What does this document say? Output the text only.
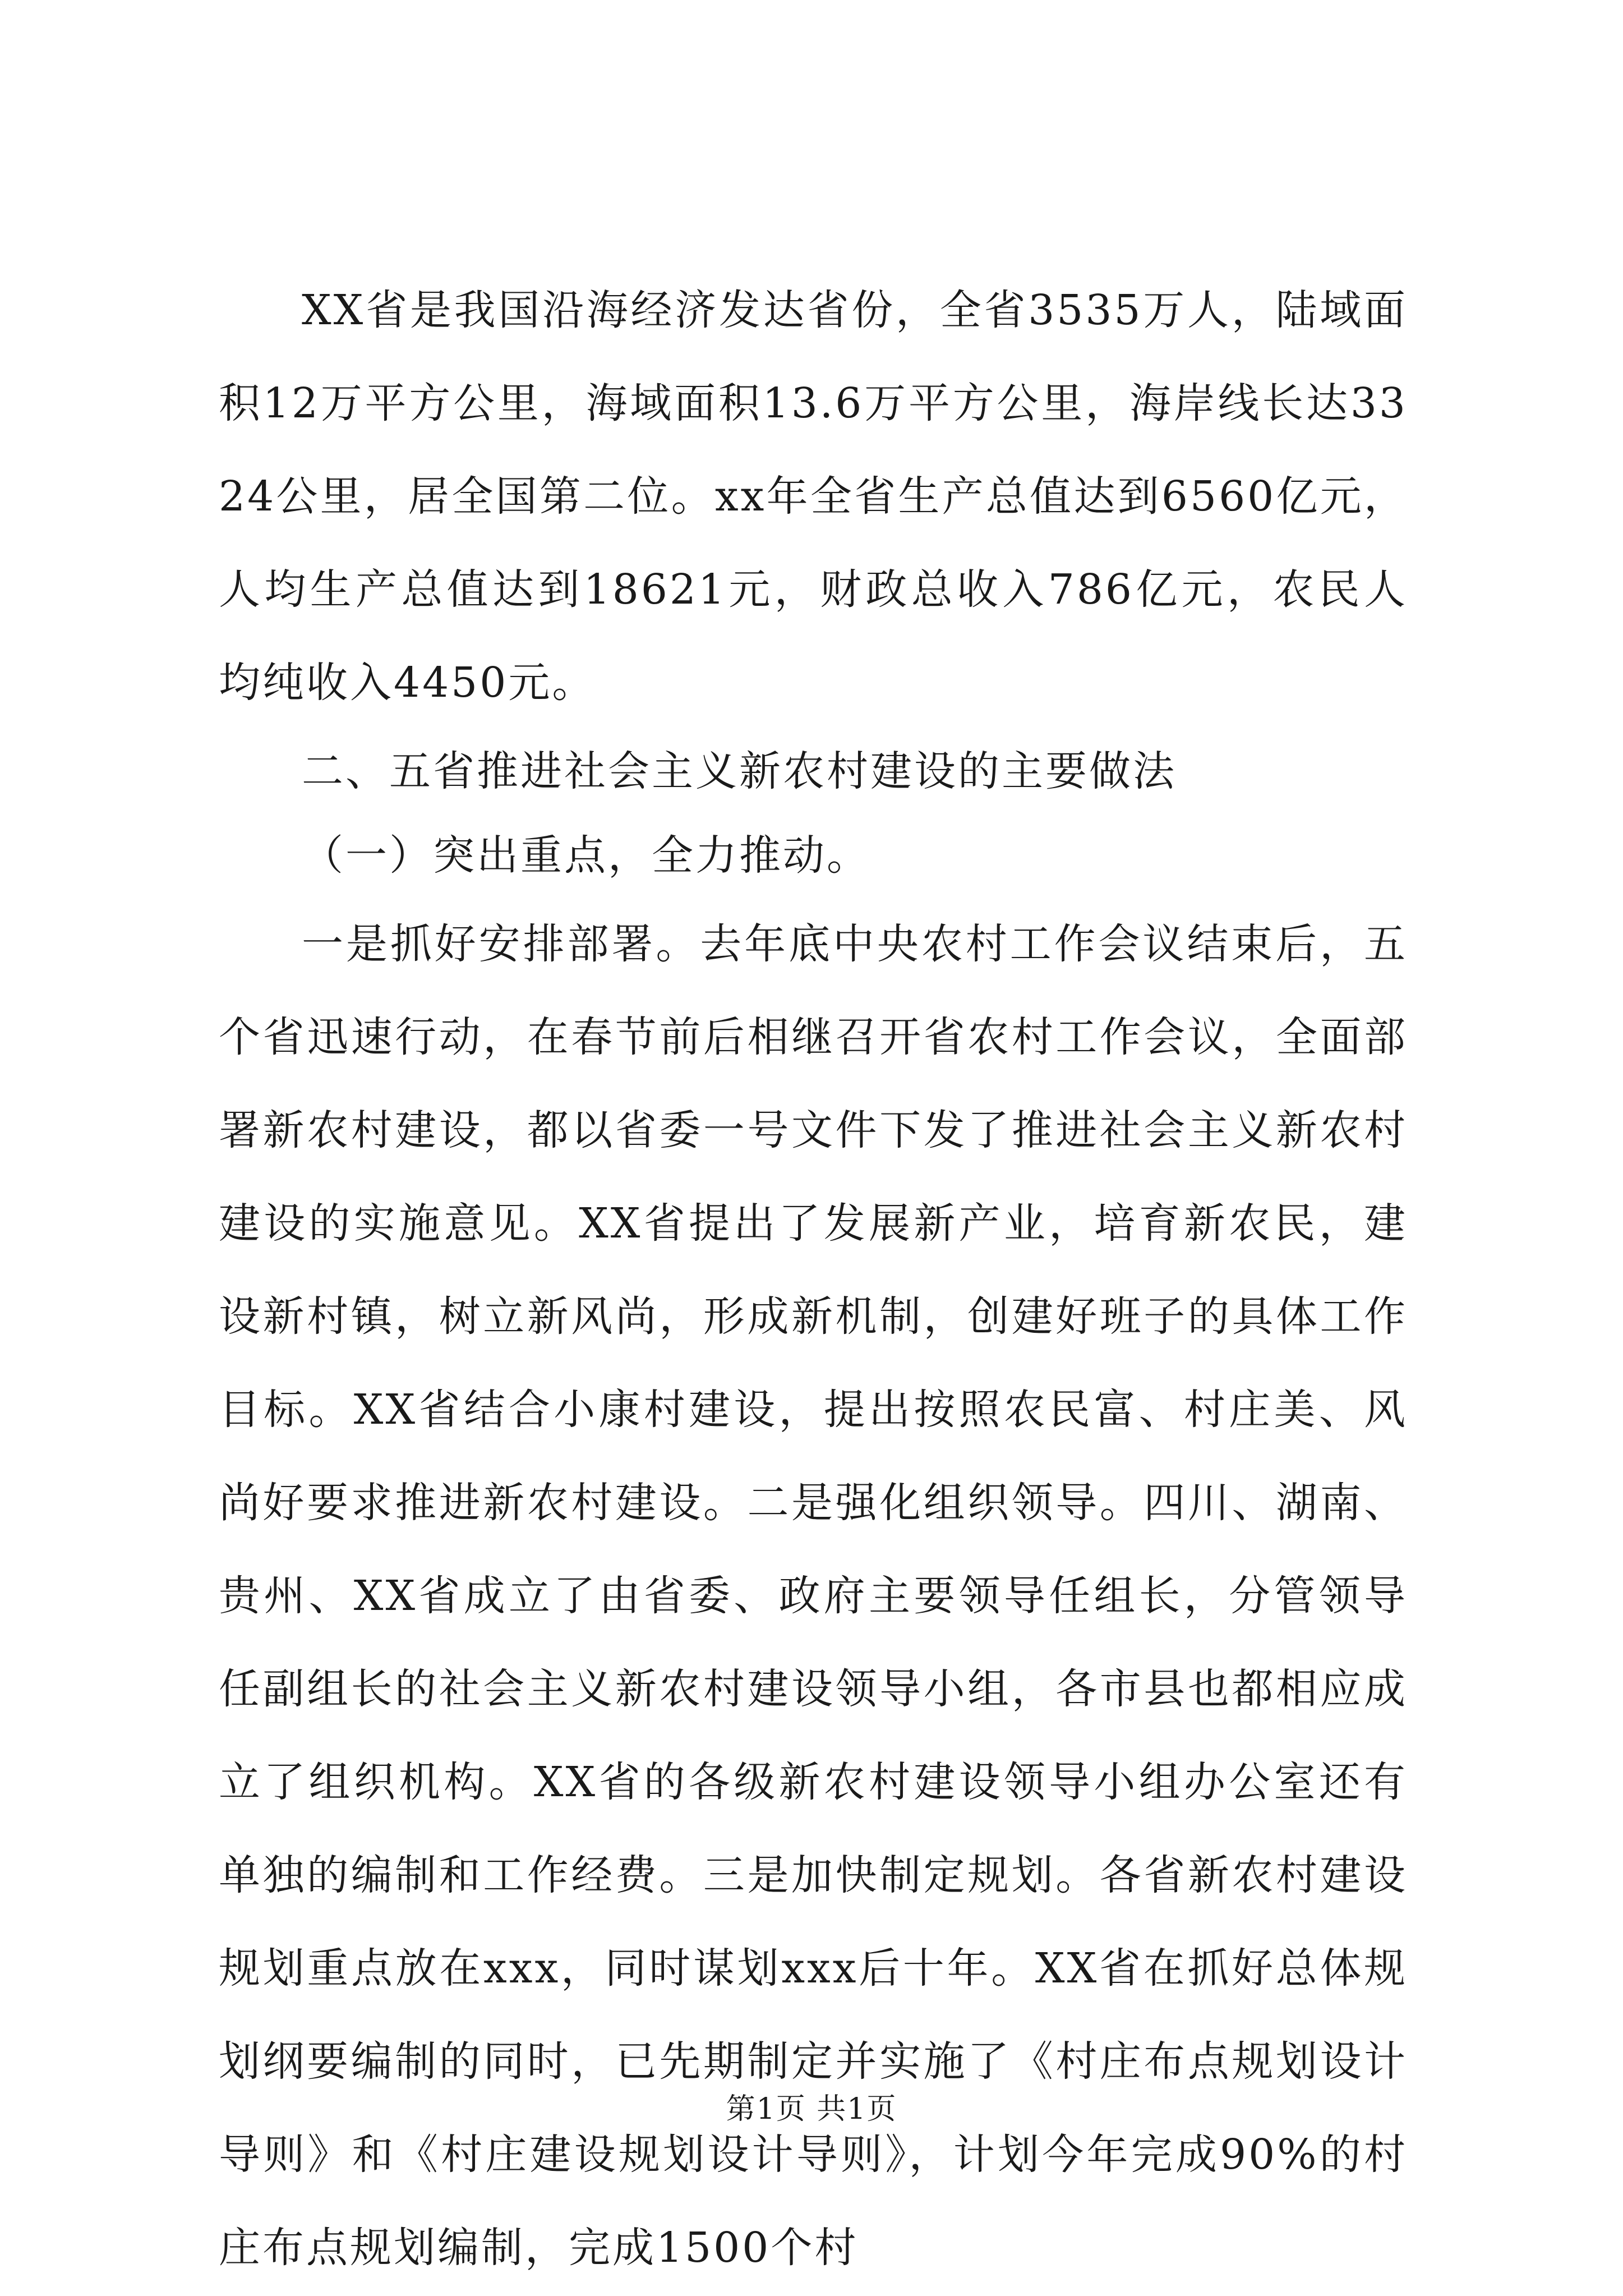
XX省是我国沿海经济发达省份，全省3535万人，陆域面积12万平方公里，海域面积13.6万平方公里，海岸线长达3324公里，居全国第二位。xx年全省生产总值达到6560亿元，人均生产总值达到18621元，财政总收入786亿元，农民人均纯收入4450元。

二、五省推进社会主义新农村建设的主要做法

（一）突出重点，全力推动。

一是抓好安排部署。去年底中央农村工作会议结束后，五个省迅速行动，在春节前后相继召开省农村工作会议，全面部署新农村建设，都以省委一号文件下发了推进社会主义新农村建设的实施意见。XX省提出了发展新产业，培育新农民，建设新村镇，树立新风尚，形成新机制，创建好班子的具体工作目标。XX省结合小康村建设，提出按照农民富、村庄美、风尚好要求推进新农村建设。二是强化组织领导。四川、湖南、贵州、XX省成立了由省委、政府主要领导任组长，分管领导任副组长的社会主义新农村建设领导小组，各市县也都相应成立了组织机构。XX省的各级新农村建设领导小组办公室还有单独的编制和工作经费。三是加快制定规划。各省新农村建设规划重点放在xxx，同时谋划xxx后十年。XX省在抓好总体规划纲要编制的同时，已先期制定并实施了《村庄布点规划设计导则》和《村庄建设规划设计导则》，计划今年完成90%的村庄布点规划编制，完成1500个村

第1页 共1页
